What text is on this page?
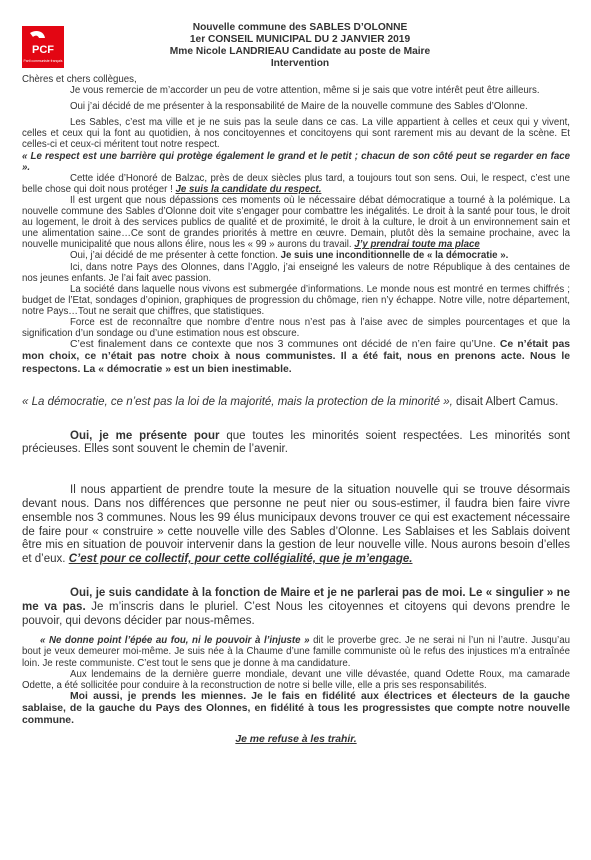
PCF
Parti communiste français
Nouvelle commune des SABLES D’OLONNE
1er CONSEIL MUNICIPAL DU 2 JANVIER 2019
Mme Nicole LANDRIEAU Candidate au poste de Maire
Intervention

Chères et chers collègues,

Je vous remercie de m’accorder un peu de votre attention, même si je sais que votre intérêt peut être ailleurs.

Oui j’ai décidé de me présenter à la responsabilité de Maire de la nouvelle commune des Sables d’Olonne.

Les Sables, c’est ma ville et je ne suis pas la seule dans ce cas. La ville appartient à celles et ceux qui y vivent, celles et ceux qui la font au quotidien, à nos concitoyennes et concitoyens qui sont rarement mis au devant de la scène. Et celles-ci et ceux-ci méritent tout notre respect.

« Le respect est une barrière qui protège également le grand et le petit ; chacun de son côté peut se regarder en face ».

Cette idée d’Honoré de Balzac, près de deux siècles plus tard, a toujours tout son sens. Oui, le respect, c’est une belle chose qui doit nous protéger ! Je suis la candidate du respect.

Il est urgent que nous dépassions ces moments où le nécessaire débat démocratique a tourné à la polémique. La nouvelle commune des Sables d’Olonne doit vite s’engager pour combattre les inégalités. Le droit à la santé pour tous, le droit au logement, le droit à des services publics de qualité et de proximité, le droit à la culture, le droit à un environnement sain et une alimentation saine…Ce sont de grandes priorités à mettre en œuvre. Demain, plutôt dès la semaine prochaine, avec la nouvelle municipalité que nous allons élire, nous les « 99 » aurons du travail. J’y prendrai toute ma place

Oui, j’ai décidé de me présenter à cette fonction. Je suis une inconditionnelle de « la démocratie ».

Ici, dans notre Pays des Olonnes, dans l’Agglo, j’ai enseigné les valeurs de notre République à des centaines de nos jeunes enfants. Je l’ai fait avec passion.

La société dans laquelle nous vivons est submergée d’informations. Le monde nous est montré en termes chiffrés ; budget de l’Etat, sondages d’opinion, graphiques de progression du chômage, rien n’y échappe. Notre ville, notre département, notre Pays…Tout ne serait que chiffres, que statistiques.

Force est de reconnaître que nombre d’entre nous n’est pas à l’aise avec de simples pourcentages et que la signification d’un sondage ou d’une estimation nous est obscure.

C’est finalement dans ce contexte que nos 3 communes ont décidé de n’en faire qu’Une. Ce n’était pas mon choix, ce n’était pas notre choix à nous communistes. Il a été fait, nous en prenons acte. Nous le respectons. La « démocratie » est un bien inestimable.

« La démocratie, ce n’est pas la loi de la majorité, mais la protection de la minorité », disait Albert Camus.

Oui, je me présente pour que toutes les minorités soient respectées. Les minorités sont précieuses. Elles sont souvent le chemin de l’avenir.

Il nous appartient de prendre toute la mesure de la situation nouvelle qui se trouve désormais devant nous. Dans nos différences que personne ne peut nier ou sous-estimer, il faudra bien faire vivre ensemble nos 3 communes. Nous les 99 élus municipaux devons trouver ce qui est exactement nécessaire de faire pour « construire » cette nouvelle ville des Sables d’Olonne. Les Sablaises et les Sablais doivent être mis en situation de pouvoir intervenir dans la gestion de leur nouvelle ville. Nous aurons besoin d’elles et d’eux. C’est pour ce collectif, pour cette collégialité, que je m’engage.

Oui, je suis candidate à la fonction de Maire et je ne parlerai pas de moi. Le « singulier » ne me va pas. Je m’inscris dans le pluriel. C’est Nous les citoyennes et citoyens qui devons prendre le pouvoir, qui devons décider par nous-mêmes.

« Ne donne point l’épée au fou, ni le pouvoir à l’injuste » dit le proverbe grec. Je ne serai ni l’un ni l’autre. Jusqu’au bout je veux demeurer moi-même. Je suis née à la Chaume d’une famille communiste où le refus des injustices m’a entraînée loin. Je reste communiste. C’est tout le sens que je donne à ma candidature.

Aux lendemains de la dernière guerre mondiale, devant une ville dévastée, quand Odette Roux, ma camarade Odette, a été sollicitée pour conduire à la reconstruction de notre si belle ville, elle a pris ses responsabilités.

Moi aussi, je prends les miennes. Je le fais en fidélité aux électrices et électeurs de la gauche sablaise, de la gauche du Pays des Olonnes, en fidélité à tous les progressistes que compte notre nouvelle commune.

Je me refuse à les trahir.
